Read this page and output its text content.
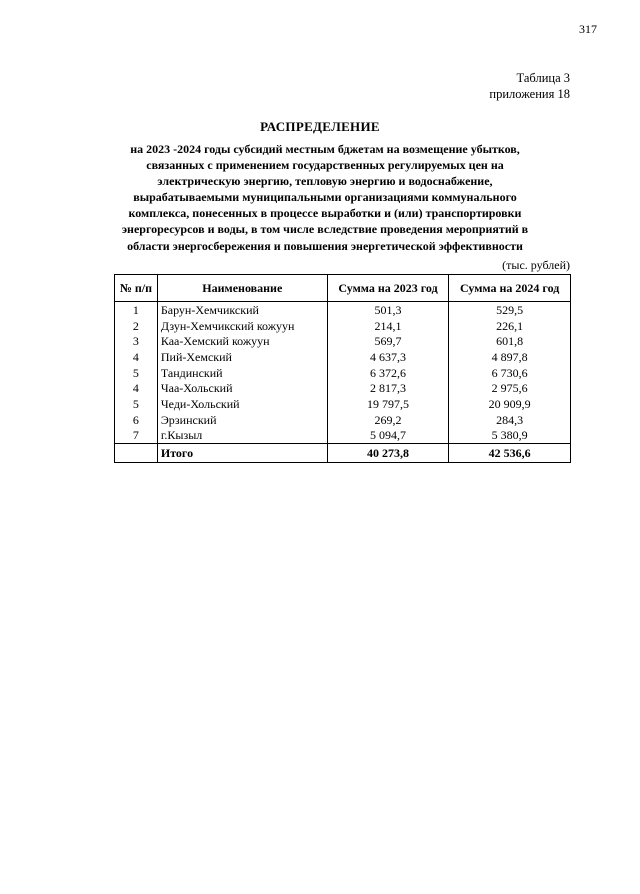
317
Таблица 3
приложения 18
РАСПРЕДЕЛЕНИЕ
на 2023 -2024 годы субсидий местным бджетам на возмещение убытков, связанных с применением государственных регулируемых цен на электрическую энергию, тепловую энергию и водоснабжение, вырабатываемыми муниципальными организациями коммунального комплекса, понесенных в процессе выработки и (или) транспортировки энергоресурсов и воды, в том числе вследствие проведения мероприятий в области энергосбережения и повышения энергетической эффективности
(тыс. рублей)
№ п/п	Наименование	Сумма на 2023 год	Сумма на 2024 год
1	Барун-Хемчикский	501,3	529,5
2	Дзун-Хемчикский кожуун	214,1	226,1
3	Каа-Хемский кожуун	569,7	601,8
4	Пий-Хемский	4 637,3	4 897,8
5	Тандинский	6 372,6	6 730,6
4	Чаа-Хольский	2 817,3	2 975,6
5	Чеди-Хольский	19 797,5	20 909,9
6	Эрзинский	269,2	284,3
7	г.Кызыл	5 094,7	5 380,9
	Итого	40 273,8	42 536,6
